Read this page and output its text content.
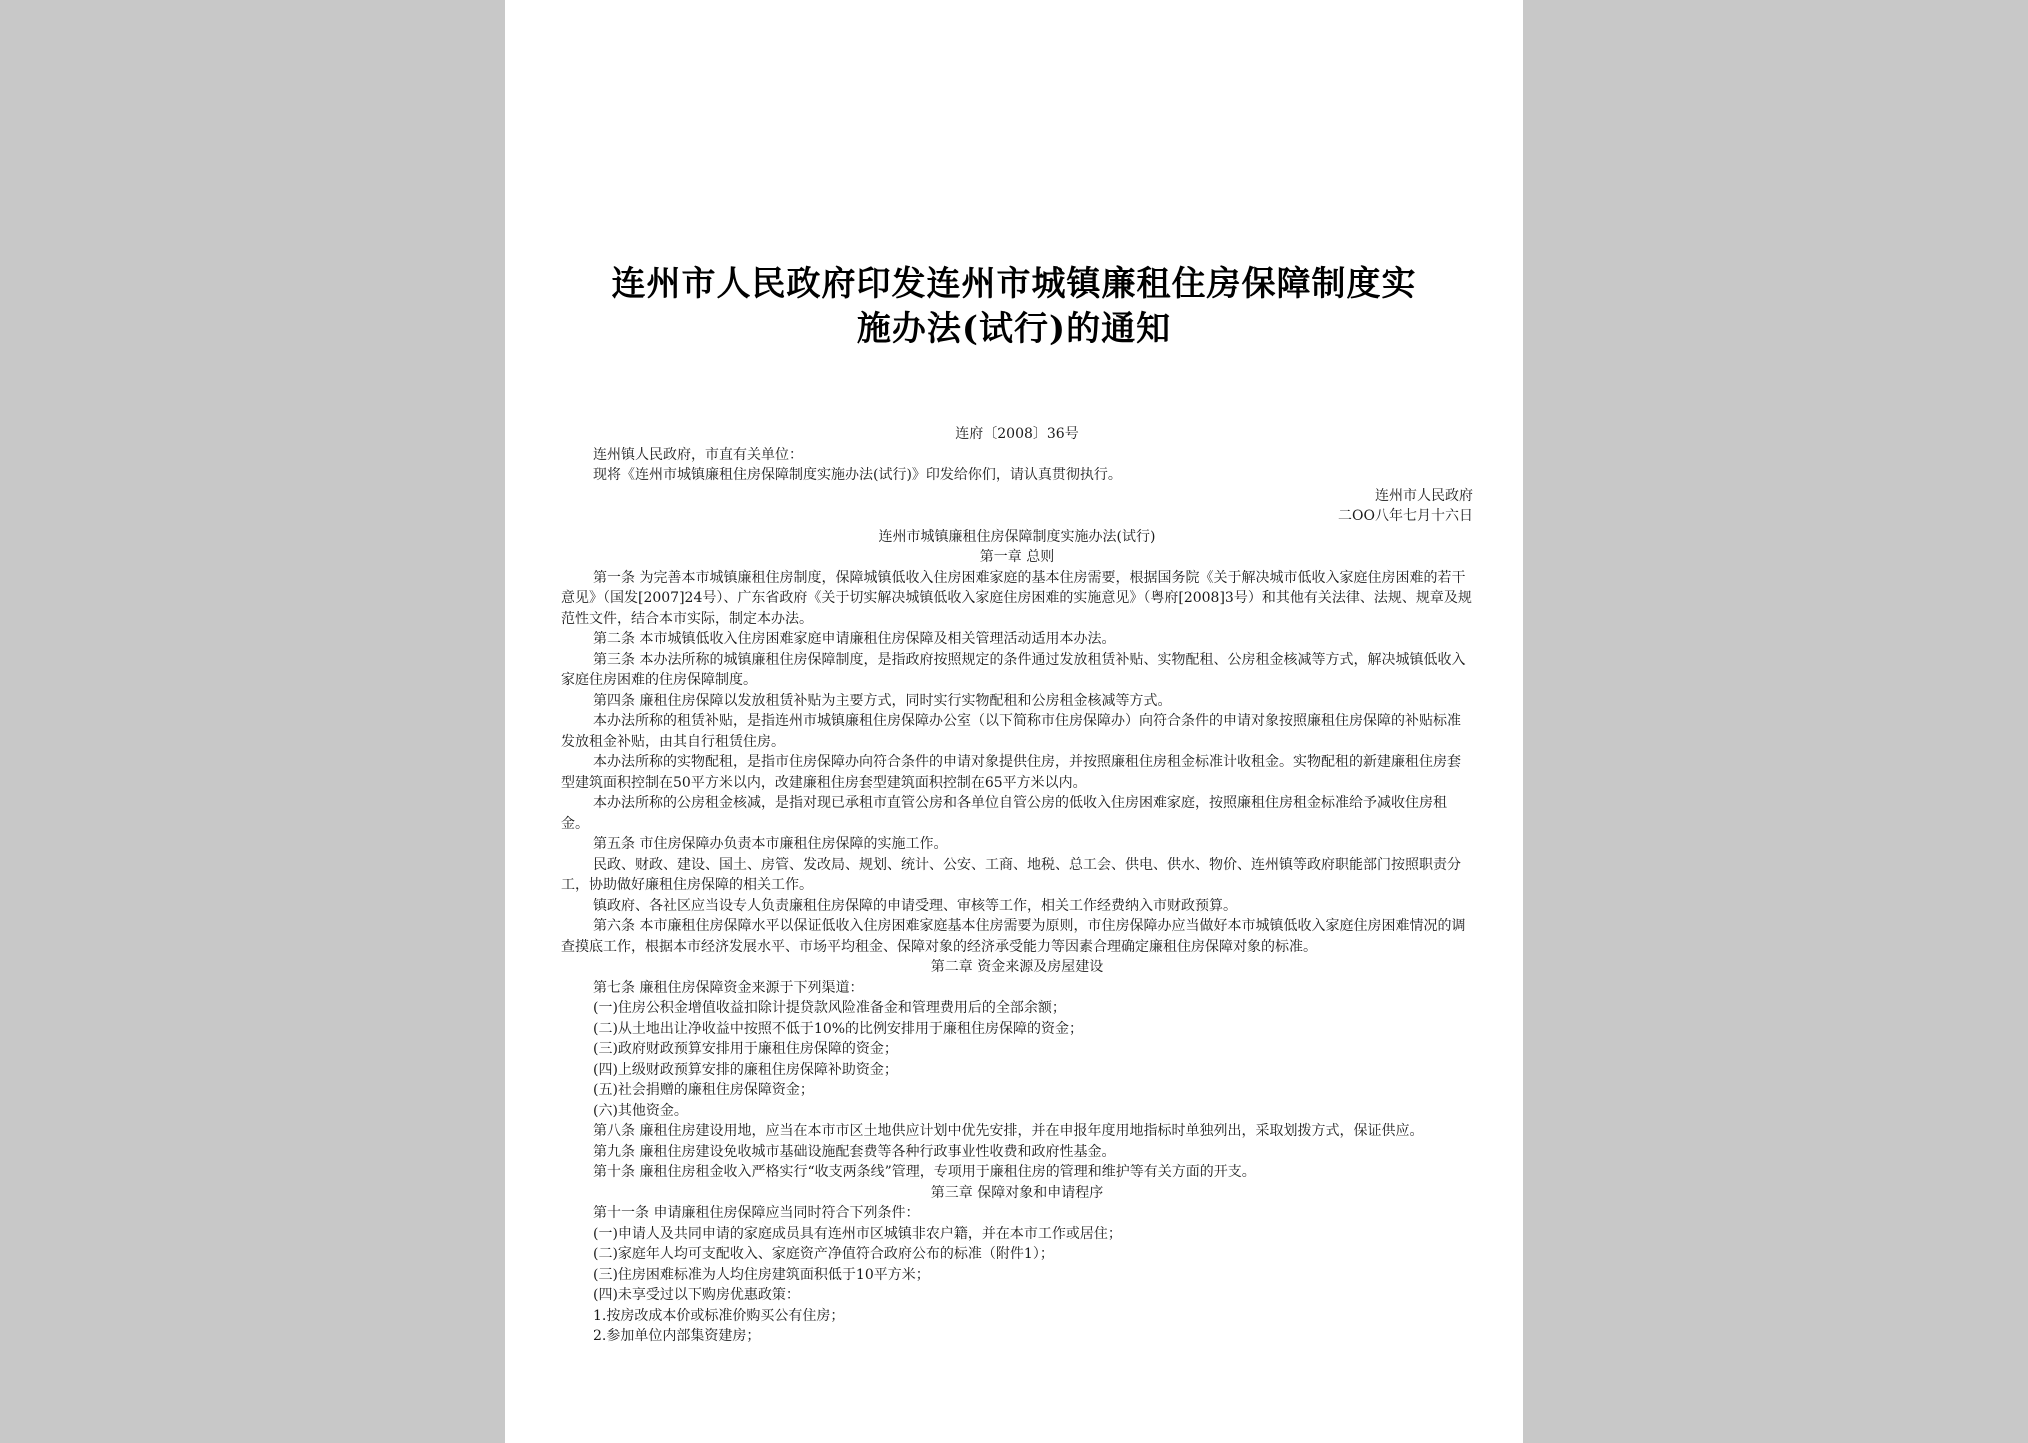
连州市人民政府印发连州市城镇廉租住房保障制度实
施办法(试行)的通知

连府〔2008〕36号

连州镇人民政府，市直有关单位：

现将《连州市城镇廉租住房保障制度实施办法(试行)》印发给你们，请认真贯彻执行。

连州市人民政府

二OO八年七月十六日

连州市城镇廉租住房保障制度实施办法(试行)

第一章 总则

第一条 为完善本市城镇廉租住房制度，保障城镇低收入住房困难家庭的基本住房需要，根据国务院《关于解决城市低收入家庭住房困难的若干意见》（国发[2007]24号）、广东省政府《关于切实解决城镇低收入家庭住房困难的实施意见》（粤府[2008]3号）和其他有关法律、法规、规章及规范性文件，结合本市实际，制定本办法。

第二条 本市城镇低收入住房困难家庭申请廉租住房保障及相关管理活动适用本办法。

第三条 本办法所称的城镇廉租住房保障制度，是指政府按照规定的条件通过发放租赁补贴、实物配租、公房租金核减等方式，解决城镇低收入家庭住房困难的住房保障制度。

第四条 廉租住房保障以发放租赁补贴为主要方式，同时实行实物配租和公房租金核减等方式。

本办法所称的租赁补贴，是指连州市城镇廉租住房保障办公室（以下简称市住房保障办）向符合条件的申请对象按照廉租住房保障的补贴标准发放租金补贴，由其自行租赁住房。

本办法所称的实物配租，是指市住房保障办向符合条件的申请对象提供住房，并按照廉租住房租金标准计收租金。实物配租的新建廉租住房套型建筑面积控制在50平方米以内，改建廉租住房套型建筑面积控制在65平方米以内。

本办法所称的公房租金核减，是指对现已承租市直管公房和各单位自管公房的低收入住房困难家庭，按照廉租住房租金标准给予减收住房租金。

第五条 市住房保障办负责本市廉租住房保障的实施工作。

民政、财政、建设、国土、房管、发改局、规划、统计、公安、工商、地税、总工会、供电、供水、物价、连州镇等政府职能部门按照职责分工，协助做好廉租住房保障的相关工作。

镇政府、各社区应当设专人负责廉租住房保障的申请受理、审核等工作，相关工作经费纳入市财政预算。

第六条 本市廉租住房保障水平以保证低收入住房困难家庭基本住房需要为原则，市住房保障办应当做好本市城镇低收入家庭住房困难情况的调查摸底工作，根据本市经济发展水平、市场平均租金、保障对象的经济承受能力等因素合理确定廉租住房保障对象的标准。

第二章 资金来源及房屋建设

第七条 廉租住房保障资金来源于下列渠道：

(一)住房公积金增值收益扣除计提贷款风险准备金和管理费用后的全部余额；

(二)从土地出让净收益中按照不低于10%的比例安排用于廉租住房保障的资金；

(三)政府财政预算安排用于廉租住房保障的资金；

(四)上级财政预算安排的廉租住房保障补助资金；

(五)社会捐赠的廉租住房保障资金；

(六)其他资金。

第八条 廉租住房建设用地，应当在本市市区土地供应计划中优先安排，并在申报年度用地指标时单独列出，采取划拨方式，保证供应。

第九条 廉租住房建设免收城市基础设施配套费等各种行政事业性收费和政府性基金。

第十条 廉租住房租金收入严格实行“收支两条线”管理，专项用于廉租住房的管理和维护等有关方面的开支。

第三章 保障对象和申请程序

第十一条 申请廉租住房保障应当同时符合下列条件：

(一)申请人及共同申请的家庭成员具有连州市区城镇非农户籍，并在本市工作或居住；

(二)家庭年人均可支配收入、家庭资产净值符合政府公布的标准（附件1）；

(三)住房困难标准为人均住房建筑面积低于10平方米；

(四)未享受过以下购房优惠政策：

1.按房改成本价或标准价购买公有住房；

2.参加单位内部集资建房；
